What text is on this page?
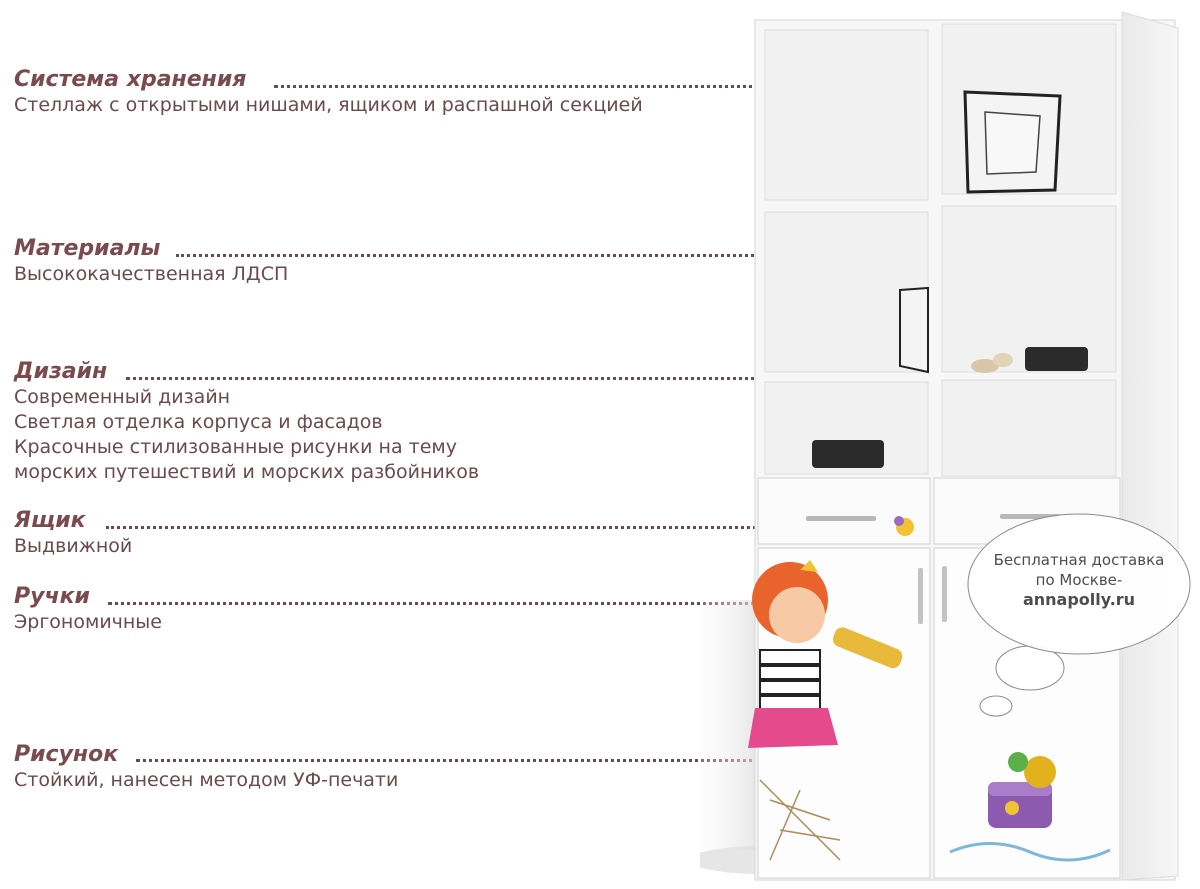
Система хранения
Стеллаж с открытыми нишами, ящиком и распашной секцией
Материалы
Высококачественная ЛДСП
Дизайн
Современный дизайн
Светлая отделка корпуса и фасадов
Красочные стилизованные рисунки на тему
морских путешествий и морских разбойников
Ящик
Выдвижной
Ручки
Эргономичные
Рисунок
Стойкий, нанесен методом УФ-печати
Бесплатная доставка
по Москве-
annapolly.ru
